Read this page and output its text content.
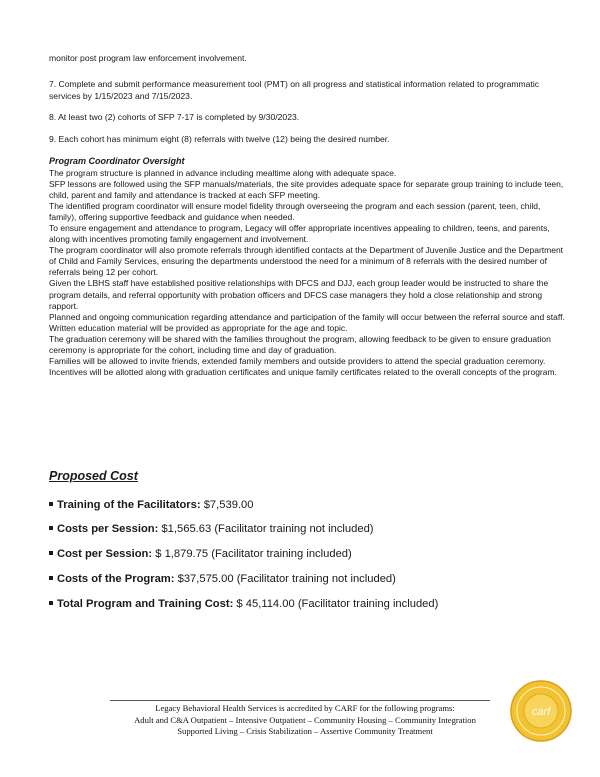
monitor post program law enforcement involvement.

7. Complete and submit performance measurement tool (PMT) on all progress and statistical information related to programmatic services by 1/15/2023 and 7/15/2023.

8. At least two (2) cohorts of SFP 7-17 is completed by 9/30/2023.

9. Each cohort has minimum eight (8) referrals with twelve (12) being the desired number.

Program Coordinator Oversight

The program structure is planned in advance including mealtime along with adequate space.
SFP lessons are followed using the SFP manuals/materials, the site provides adequate space for separate group training to include teen, child, parent and family and attendance is tracked at each SFP meeting.
The identified program coordinator will ensure model fidelity through overseeing the program and each session (parent, teen, child, family), offering supportive feedback and guidance when needed.
To ensure engagement and attendance to program, Legacy will offer appropriate incentives appealing to children, teens, and parents, along with incentives promoting family engagement and involvement.
The program coordinator will also promote referrals through identified contacts at the Department of Juvenile Justice and the Department of Child and Family Services, ensuring the departments understood the need for a minimum of 8 referrals with the desired number of referrals being 12 per cohort.
Given the LBHS staff have established positive relationships with DFCS and DJJ, each group leader would be instructed to share the program details, and referral opportunity with probation officers and DFCS case managers they hold a close relationship and strong rapport.
Planned and ongoing communication regarding attendance and participation of the family will occur between the referral source and staff.
Written education material will be provided as appropriate for the age and topic.
The graduation ceremony will be shared with the families throughout the program, allowing feedback to be given to ensure graduation ceremony is appropriate for the cohort, including time and day of graduation.
Families will be allowed to invite friends, extended family members and outside providers to attend the special graduation ceremony.
Incentives will be allotted along with graduation certificates and unique family certificates related to the overall concepts of the program.

Proposed Cost

Training of the Facilitators: $7,539.00
Costs per Session: $1,565.63 (Facilitator training not included)
Cost per Session: $ 1,879.75 (Facilitator training included)
Costs of the Program: $37,575.00 (Facilitator training not included)
Total Program and Training Cost: $ 45,114.00 (Facilitator training included)
Legacy Behavioral Health Services is accredited by CARF for the following programs:
Adult and C&A Outpatient – Intensive Outpatient – Community Housing – Community Integration
Supported Living – Crisis Stabilization – Assertive Community Treatment
carf
